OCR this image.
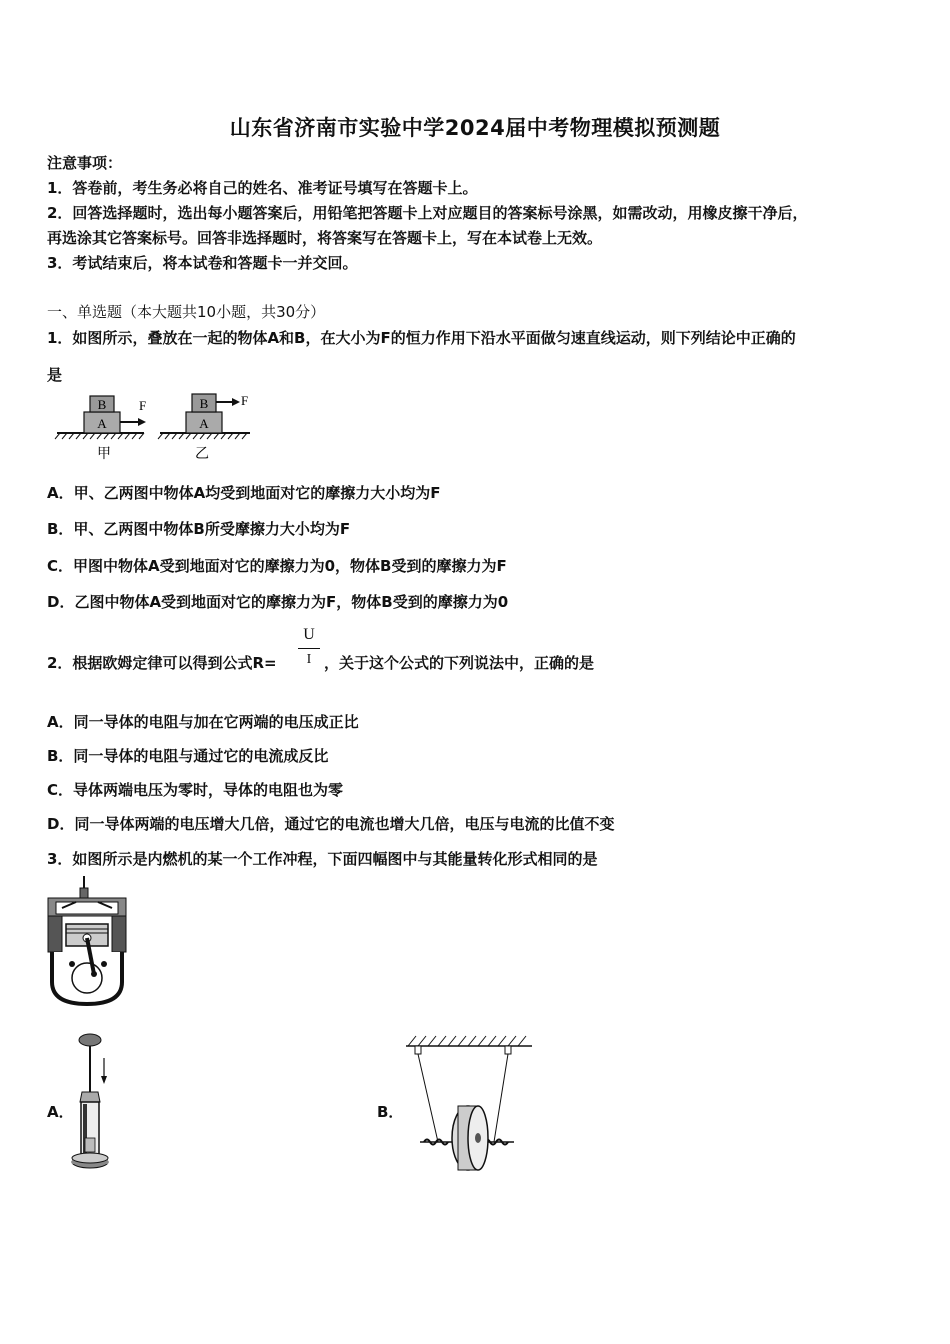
山东省济南市实验中学2024届中考物理模拟预测题
注意事项：
1．答卷前，考生务必将自己的姓名、准考证号填写在答题卡上。
2．回答选择题时，选出每小题答案后，用铅笔把答题卡上对应题目的答案标号涂黑，如需改动，用橡皮擦干净后，
再选涂其它答案标号。回答非选择题时，将答案写在答题卡上，写在本试卷上无效。
3．考试结束后，将本试卷和答题卡一并交回。
一、单选题（本大题共10小题，共30分）
1．如图所示，叠放在一起的物体A和B，在大小为F的恒力作用下沿水平面做匀速直线运动，则下列结论中正确的
是
B
A
F
甲
B
A
F
乙
A．甲、乙两图中物体A均受到地面对它的摩擦力大小均为F
B．甲、乙两图中物体B所受摩擦力大小均为F
C．甲图中物体A受到地面对它的摩擦力为0，物体B受到的摩擦力为F
D．乙图中物体A受到地面对它的摩擦力为F，物体B受到的摩擦力为0
2．根据欧姆定律可以得到公式R=
U
I ，关于这个公式的下列说法中，正确的是
A．同一导体的电阻与加在它两端的电压成正比
B．同一导体的电阻与通过它的电流成反比
C．导体两端电压为零时，导体的电阻也为零
D．同一导体两端的电压增大几倍，通过它的电流也增大几倍，电压与电流的比值不变
3．如图所示是内燃机的某一个工作冲程，下面四幅图中与其能量转化形式相同的是
A．	B．
